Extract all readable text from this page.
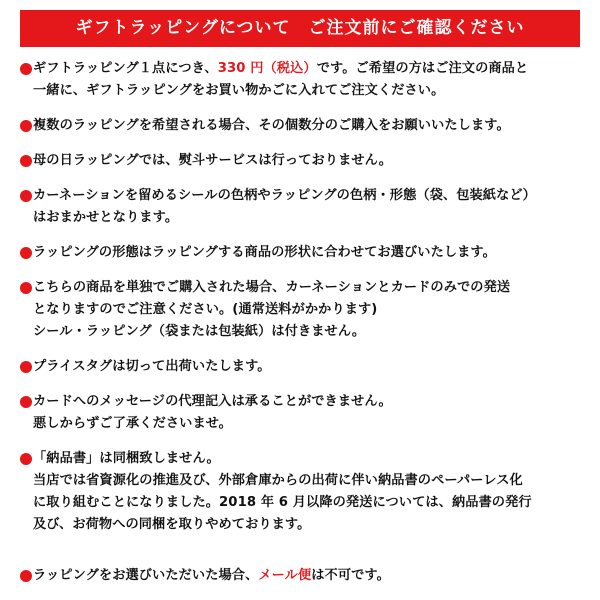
ギフトラッピングについて　ご注文前にご確認ください
ギフトラッピング１点につき、330 円（税込）です。ご希望の方はご注文の商品と
一緒に、ギフトラッピングをお買い物かごに入れてご注文ください。
複数のラッピングを希望される場合、その個数分のご購入をお願いいたします。
母の日ラッピングでは、熨斗サービスは行っておりません。
カーネーションを留めるシールの色柄やラッピングの色柄・形態（袋、包装紙など）
はおまかせとなります。
ラッピングの形態はラッピングする商品の形状に合わせてお選びいたします。
こちらの商品を単独でご購入された場合、カーネーションとカードのみでの発送
となりますのでご注意ください。(通常送料がかかります)
シール・ラッピング（袋または包装紙）は付きません。
プライスタグは切って出荷いたします。
カードへのメッセージの代理記入は承ることができません。
悪しからずご了承くださいませ。
「納品書」は同梱致しません。
当店では省資源化の推進及び、外部倉庫からの出荷に伴い納品書のペーパーレス化
に取り組むことになりました。2018 年 6 月以降の発送については、納品書の発行
及び、お荷物への同梱を取りやめております。
ラッピングをお選びいただいた場合、メール便は不可です。
